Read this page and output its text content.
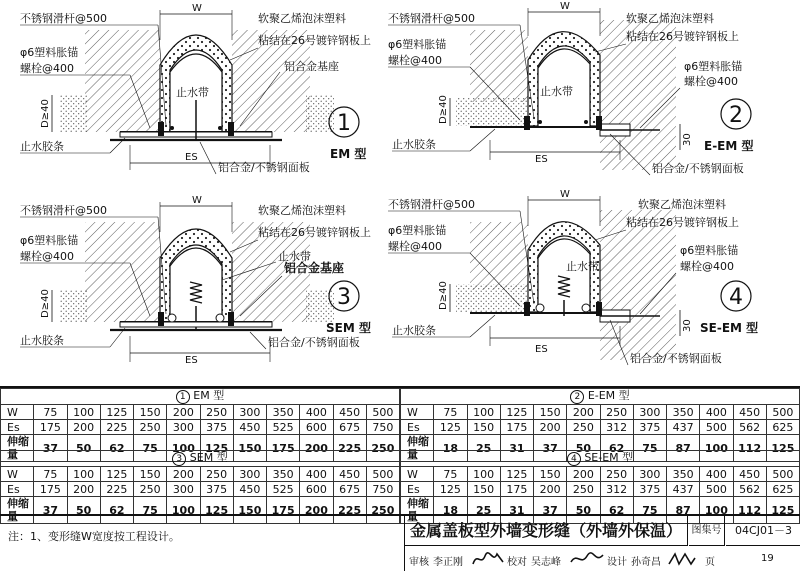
W
ES
D≥40
不锈钢滑杆@500
φ6塑料胀锚
螺栓@400
软聚乙烯泡沫塑料
粘结在26号镀锌钢板上
铝合金基座
止水带
止水胶条
铝合金/不锈钢面板
1
EM 型
W
ES
D≥40
30
不锈钢滑杆@500
φ6塑料胀锚
螺栓@400
软聚乙烯泡沫塑料
粘结在26号镀锌钢板上
φ6塑料胀锚
螺栓@400
止水带
止水胶条
铝合金/不锈钢面板
2
E-EM 型
W
ES
D≥40
不锈钢滑杆@500
φ6塑料胀锚
螺栓@400
软聚乙烯泡沫塑料
粘结在26号镀锌钢板上
止水带
铝合金基座
止水胶条	铝合金/不锈钢面板
3
SEM 型
W
ES
D≥40
30
不锈钢滑杆@500
φ6塑料胀锚
螺栓@400
软聚乙烯泡沫塑料
粘结在26号镀锌钢板上
φ6塑料胀锚
螺栓@400
止水带
止水胶条
铝合金/不锈钢面板
4
SE-EM 型
1 EM 型											
W	75	100	125	150	200	250	300	350	400	450	500
Es	175	200	225	250	300	375	450	525	600	675	750
伸缩量	37	50	62	75	100	125	150	175	200	225	250
2 E-EM 型											
W	75	100	125	150	200	250	300	350	400	450	500
Es	125	150	175	200	250	312	375	437	500	562	625
伸缩量	18	25	31	37	50	62	75	87	100	112	125
3 SEM 型											
W	75	100	125	150	200	250	300	350	400	450	500
Es	175	200	225	250	300	375	450	525	600	675	750
伸缩量	37	50	62	75	100	125	150	175	200	225	250
4 SE-EM 型											
W	75	100	125	150	200	250	300	350	400	450	500
Es	125	150	175	200	250	312	375	437	500	562	625
伸缩量	18	25	31	37	50	62	75	87	100	112	125
注：1、变形缝W宽度按工程设计。	金属盖板型外墙变形缝（外墙外保温） 图集号	04CJ01－3
审核 李正刚	校对 吴志峰	设计 孙奇昌	页	19
